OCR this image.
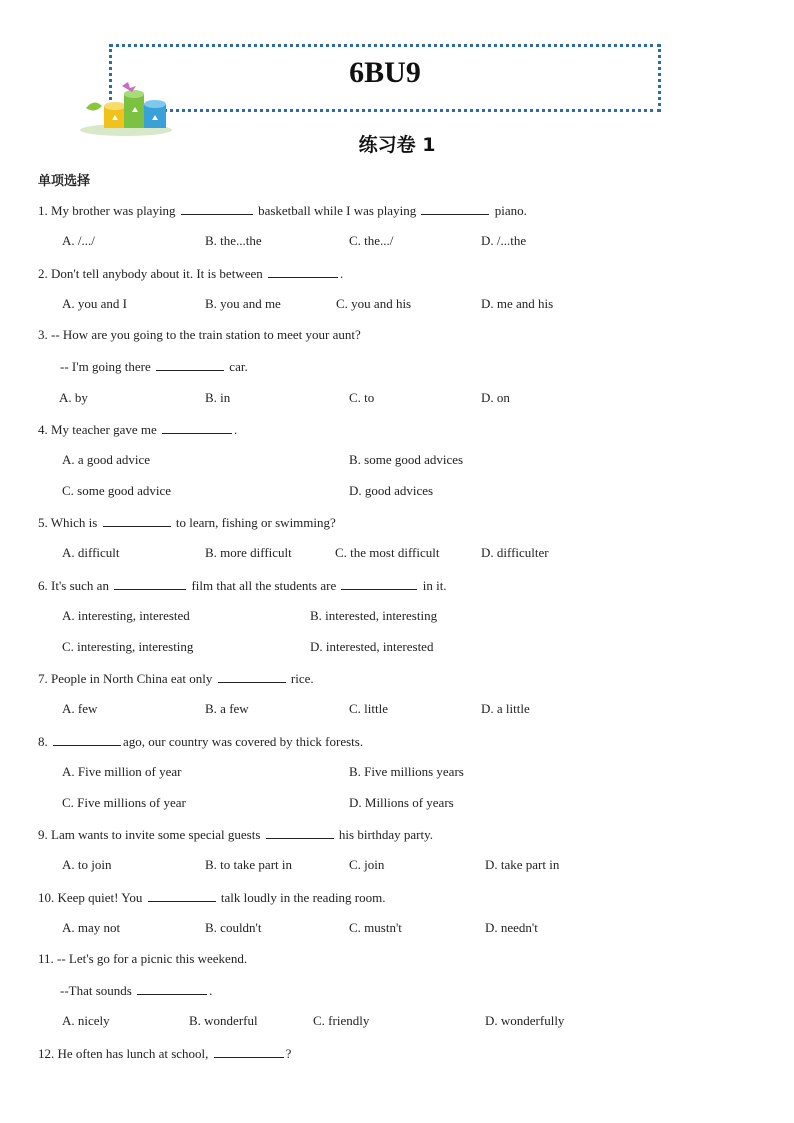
6BU9
练习卷 1
单项选择
1. My brother was playing	basketball while I was playing	piano.
A. /.../	B. the...the	C. the.../	D. /...the
2. Don't tell anybody about it. It is between	.
A. you and I	B. you and me	C. you and his	D. me and his
3. -- How are you going to the train station to meet your aunt?
-- I'm going there	car.
A. by	B. in	C. to	D. on
4. My teacher gave me	.
A. a good advice	B. some good advices
C. some good advice	D. good advices
5. Which is	to learn, fishing or swimming?
A. difficult	B. more difficult	C. the most difficult	D. difficulter
6. It's such an	film that all the students are	in it.
A. interesting, interested	B. interested, interesting
C. interesting, interesting	D. interested, interested
7. People in North China eat only	rice.
A. few	B. a few	C. little	D. a little
8.	ago, our country was covered by thick forests.
A. Five million of year	B. Five millions years
C. Five millions of year	D. Millions of years
9. Lam wants to invite some special guests	his birthday party.
A. to join	B. to take part in	C. join	D. take part in
10. Keep quiet! You	talk loudly in the reading room.
A. may not	B. couldn't	C. mustn't	D. needn't
11. -- Let's go for a picnic this weekend.
--That sounds	.
A. nicely	B. wonderful	C. friendly	D. wonderfully
12. He often has lunch at school,	?
